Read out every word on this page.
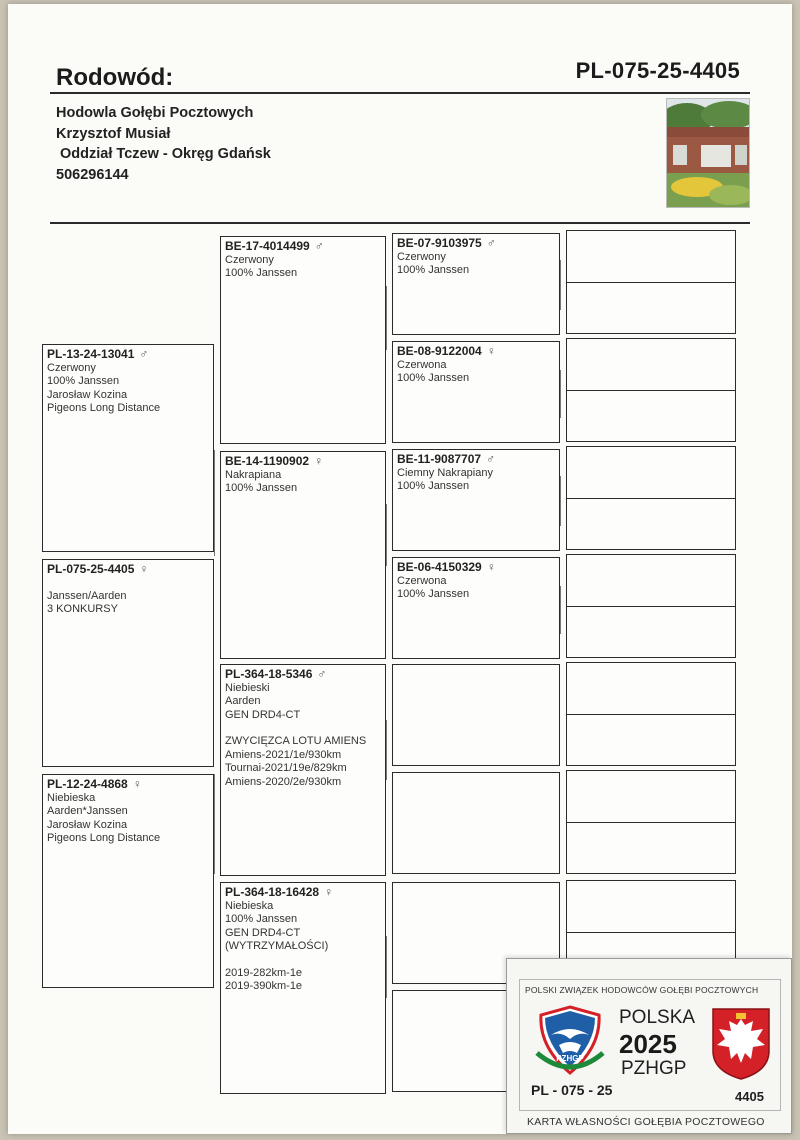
Rodowód:	PL-075-25-4405
Hodowla Gołębi Pocztowych
Krzysztof Musiał
Oddział Tczew - Okręg Gdańsk
506296144
PL-13-24-13041 ♂
Czerwony
100% Janssen
Jarosław Kozina
Pigeons Long Distance
PL-075-25-4405 ♀
Janssen/Aarden
3 KONKURSY
PL-12-24-4868 ♀
Niebieska
Aarden*Janssen
Jarosław Kozina
Pigeons Long Distance
BE-17-4014499 ♂
Czerwony
100% Janssen
BE-14-1190902 ♀
Nakrapiana
100% Janssen
PL-364-18-5346 ♂
Niebieski
Aarden
GEN DRD4-CT
ZWYCIĘZCA LOTU AMIENS
Amiens-2021/1e/930km
Tournai-2021/19e/829km
Amiens-2020/2e/930km
PL-364-18-16428 ♀
Niebieska
100% Janssen
GEN DRD4-CT
(WYTRZYMAŁOŚCI)
2019-282km-1e
2019-390km-1e
BE-07-9103975 ♂
Czerwony
100% Janssen
BE-08-9122004 ♀
Czerwona
100% Janssen
BE-11-9087707 ♂
Ciemny Nakrapiany
100% Janssen
BE-06-4150329 ♀
Czerwona
100% Janssen
POLSKI ZWIĄZEK HODOWCÓW GOŁĘBI POCZTOWYCH
PZHGP
POLSKA
2025
PZHGP
PL - 075 - 25	4405
KARTA WŁASNOŚCI GOŁĘBIA POCZTOWEGO
